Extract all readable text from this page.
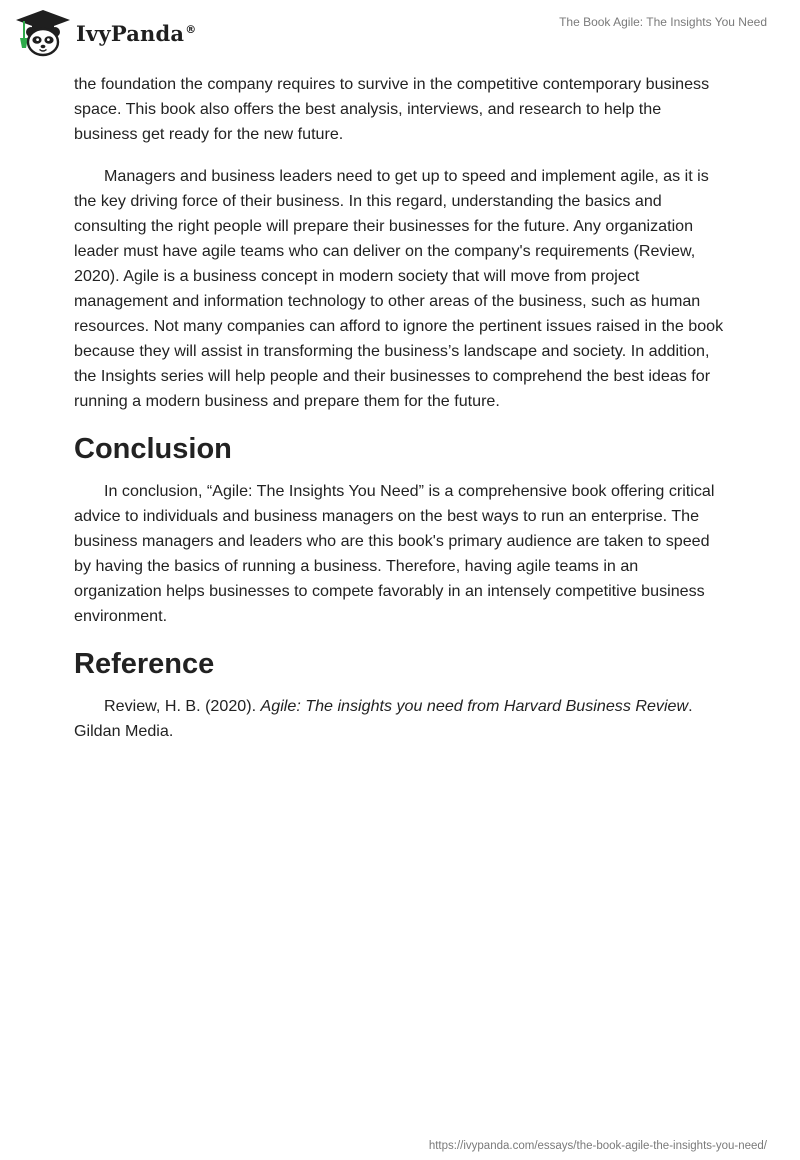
IvyPanda®	The Book Agile: The Insights You Need

the foundation the company requires to survive in the competitive contemporary business space. This book also offers the best analysis, interviews, and research to help the business get ready for the new future.

Managers and business leaders need to get up to speed and implement agile, as it is the key driving force of their business. In this regard, understanding the basics and consulting the right people will prepare their businesses for the future. Any organization leader must have agile teams who can deliver on the company's requirements (Review, 2020). Agile is a business concept in modern society that will move from project management and information technology to other areas of the business, such as human resources. Not many companies can afford to ignore the pertinent issues raised in the book because they will assist in transforming the business’s landscape and society. In addition, the Insights series will help people and their businesses to comprehend the best ideas for running a modern business and prepare them for the future.

Conclusion

In conclusion, “Agile: The Insights You Need” is a comprehensive book offering critical advice to individuals and business managers on the best ways to run an enterprise. The business managers and leaders who are this book's primary audience are taken to speed by having the basics of running a business. Therefore, having agile teams in an organization helps businesses to compete favorably in an intensely competitive business environment.

Reference

Review, H. B. (2020). Agile: The insights you need from Harvard Business Review. Gildan Media.

https://ivypanda.com/essays/the-book-agile-the-insights-you-need/
